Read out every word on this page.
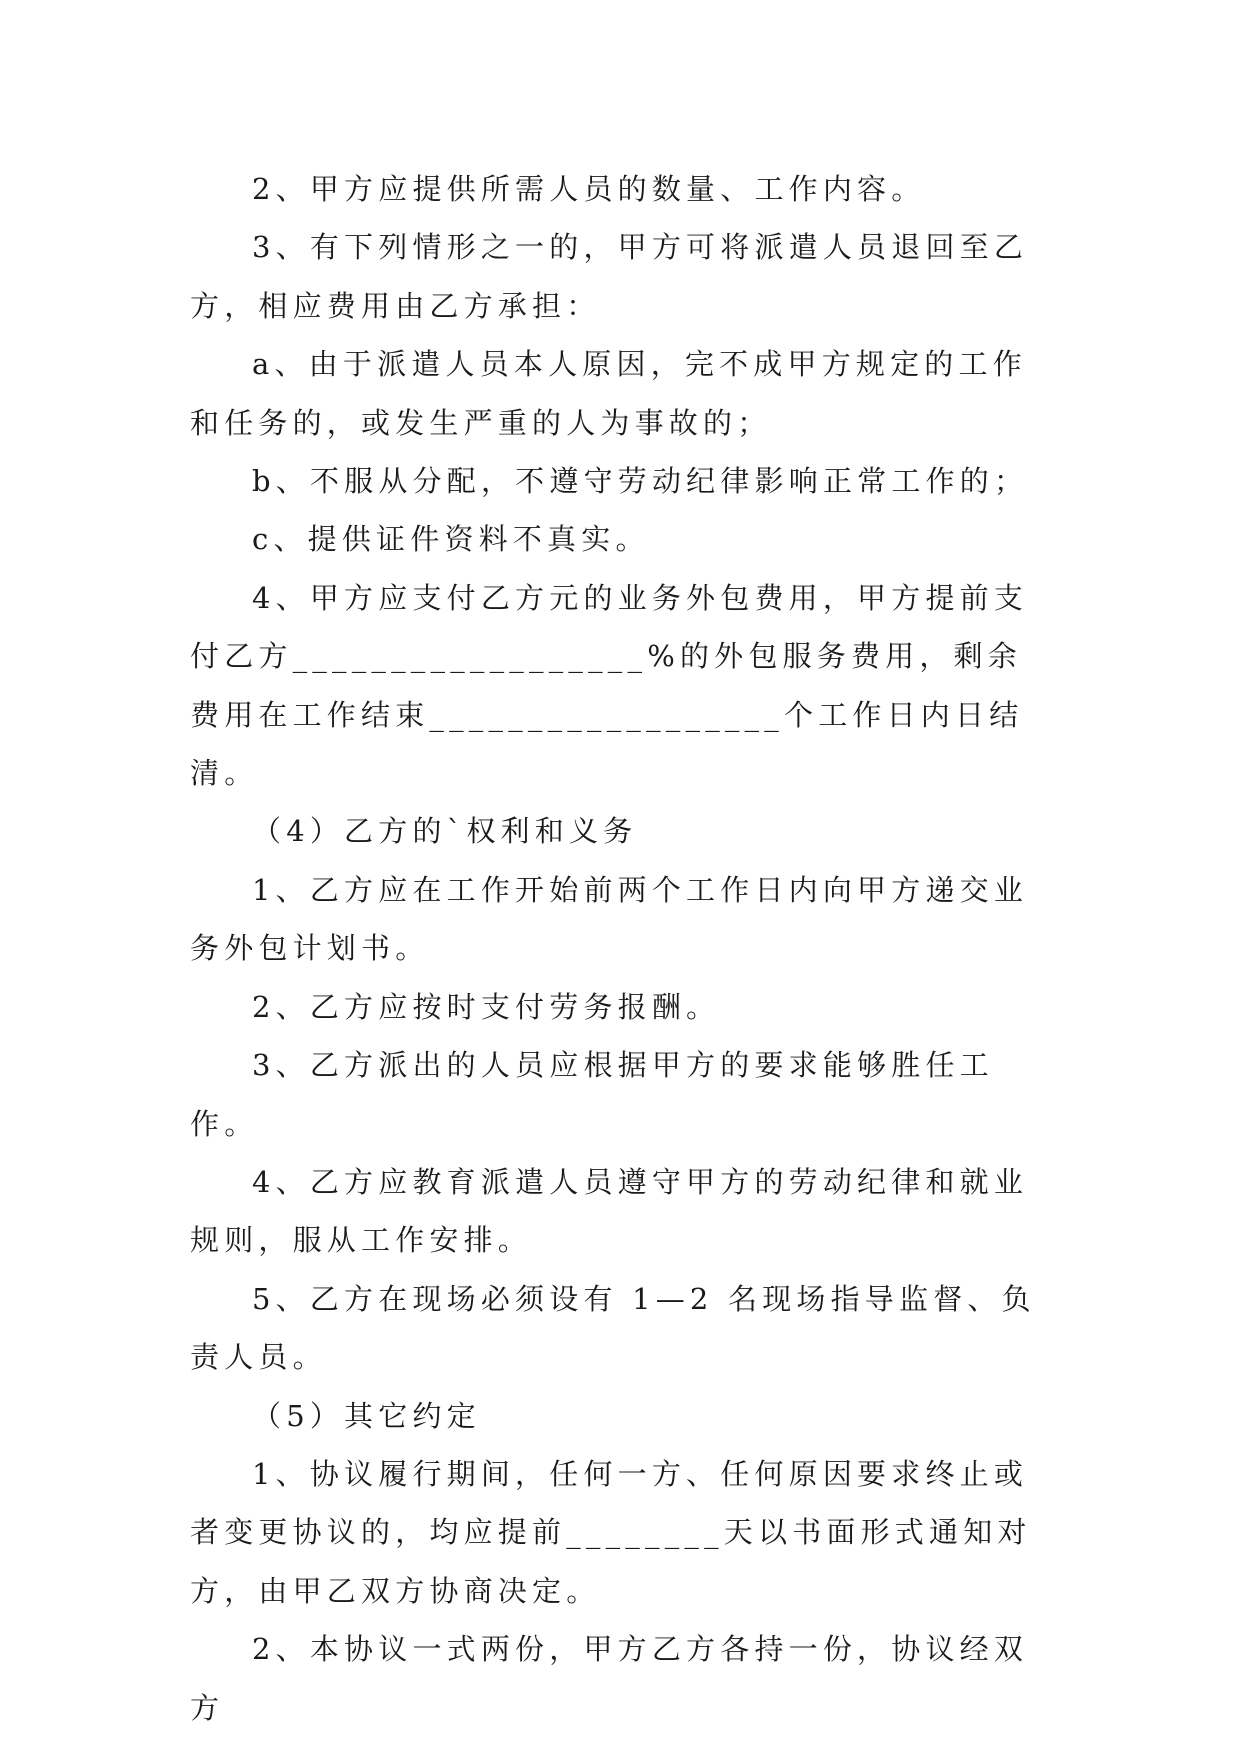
2、甲方应提供所需人员的数量、工作内容。

3、有下列情形之一的，甲方可将派遣人员退回至乙方，相应费用由乙方承担：

a、由于派遣人员本人原因，完不成甲方规定的工作和任务的，或发生严重的人为事故的；

b、不服从分配，不遵守劳动纪律影响正常工作的；

c、提供证件资料不真实。

4、甲方应支付乙方元的业务外包费用，甲方提前支付乙方__________________%的外包服务费用，剩余费用在工作结束__________________个工作日内日结清。

（4）乙方的`权利和义务

1、乙方应在工作开始前两个工作日内向甲方递交业务外包计划书。

2、乙方应按时支付劳务报酬。

3、乙方派出的人员应根据甲方的要求能够胜任工作。

4、乙方应教育派遣人员遵守甲方的劳动纪律和就业规则，服从工作安排。

5、乙方在现场必须设有 1—2 名现场指导监督、负责人员。

（5）其它约定

1、协议履行期间，任何一方、任何原因要求终止或者变更协议的，均应提前________天以书面形式通知对方，由甲乙双方协商决定。

2、本协议一式两份，甲方乙方各持一份，协议经双方
